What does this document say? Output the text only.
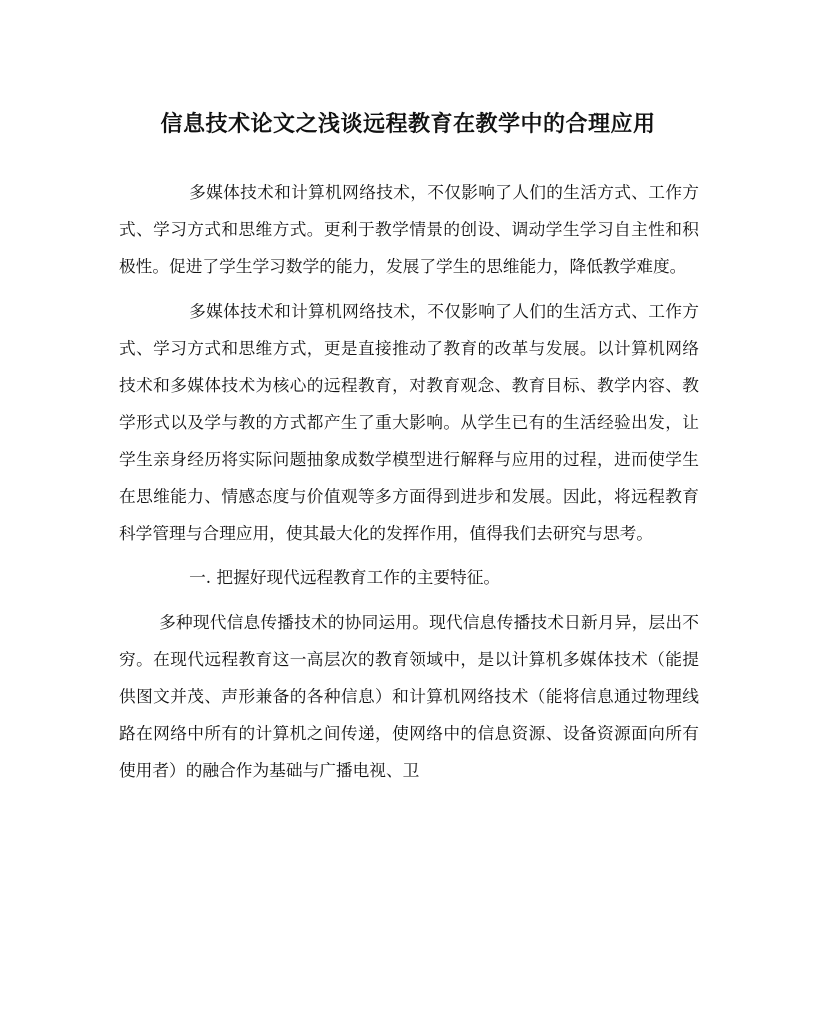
信息技术论文之浅谈远程教育在教学中的合理应用

多媒体技术和计算机网络技术，不仅影响了人们的生活方式、工作方式、学习方式和思维方式。更利于教学情景的创设、调动学生学习自主性和积极性。促进了学生学习数学的能力，发展了学生的思维能力，降低教学难度。

多媒体技术和计算机网络技术，不仅影响了人们的生活方式、工作方式、学习方式和思维方式，更是直接推动了教育的改革与发展。以计算机网络技术和多媒体技术为核心的远程教育，对教育观念、教育目标、教学内容、教学形式以及学与教的方式都产生了重大影响。从学生已有的生活经验出发，让学生亲身经历将实际问题抽象成数学模型进行解释与应用的过程，进而使学生在思维能力、情感态度与价值观等多方面得到进步和发展。因此，将远程教育科学管理与合理应用，使其最大化的发挥作用，值得我们去研究与思考。

一. 把握好现代远程教育工作的主要特征。

多种现代信息传播技术的协同运用。现代信息传播技术日新月异，层出不穷。在现代远程教育这一高层次的教育领域中，是以计算机多媒体技术（能提供图文并茂、声形兼备的各种信息）和计算机网络技术（能将信息通过物理线路在网络中所有的计算机之间传递，使网络中的信息资源、设备资源面向所有使用者）的融合作为基础与广播电视、卫
